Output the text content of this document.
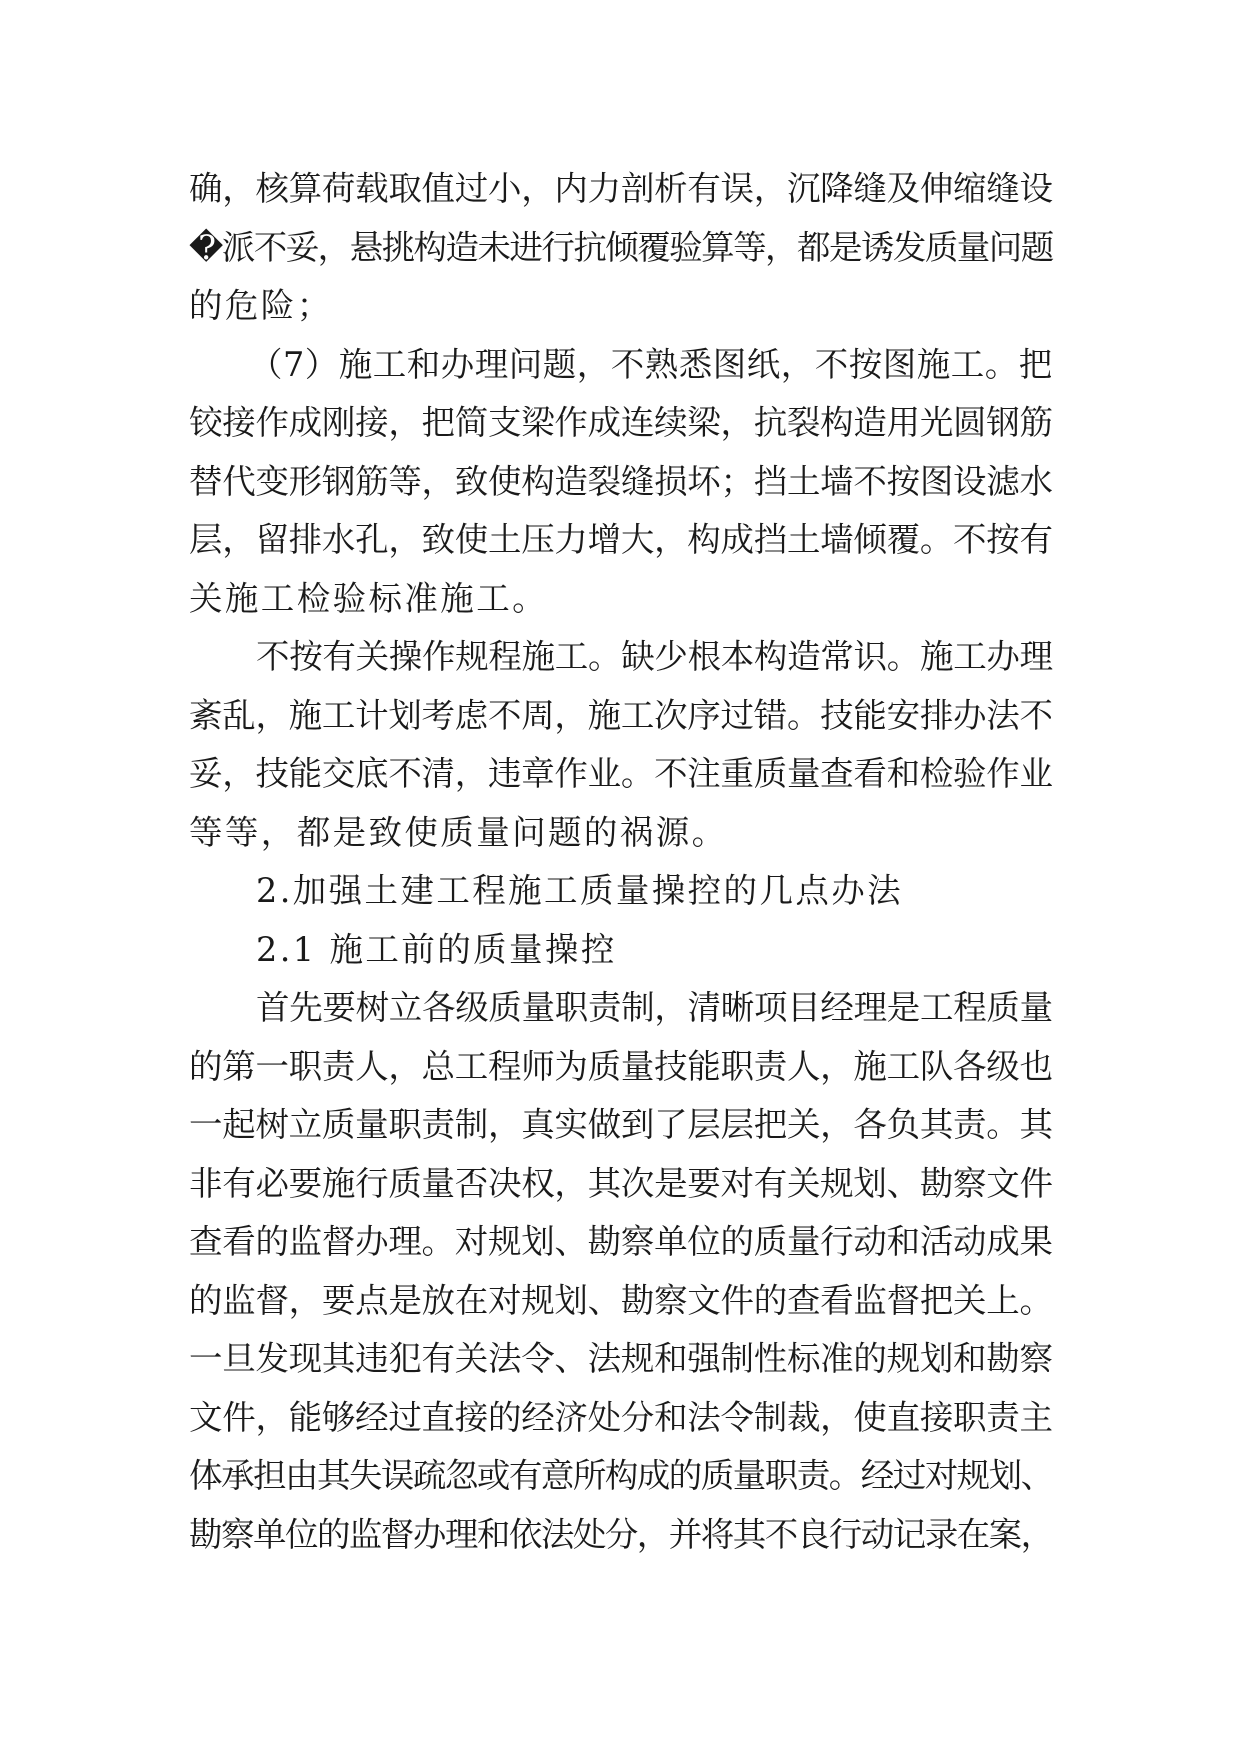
确，核算荷载取值过小，内力剖析有误，沉降缝及伸缩缝设
�派不妥，悬挑构造未进行抗倾覆验算等，都是诱发质量问题
的危险；
（7）施工和办理问题，不熟悉图纸，不按图施工。把
铰接作成刚接，把简支梁作成连续梁，抗裂构造用光圆钢筋
替代变形钢筋等，致使构造裂缝损坏；挡土墙不按图设滤水
层，留排水孔，致使土压力增大，构成挡土墙倾覆。不按有
关施工检验标准施工。
不按有关操作规程施工。缺少根本构造常识。施工办理
紊乱，施工计划考虑不周，施工次序过错。技能安排办法不
妥，技能交底不清，违章作业。不注重质量查看和检验作业
等等，都是致使质量问题的祸源。
2.加强土建工程施工质量操控的几点办法
2.1 施工前的质量操控
首先要树立各级质量职责制，清晰项目经理是工程质量
的第一职责人，总工程师为质量技能职责人，施工队各级也
一起树立质量职责制，真实做到了层层把关，各负其责。其
非有必要施行质量否决权，其次是要对有关规划、勘察文件
查看的监督办理。对规划、勘察单位的质量行动和活动成果
的监督，要点是放在对规划、勘察文件的查看监督把关上。
一旦发现其违犯有关法令、法规和强制性标准的规划和勘察
文件，能够经过直接的经济处分和法令制裁，使直接职责主
体承担由其失误疏忽或有意所构成的质量职责。经过对规划、
勘察单位的监督办理和依法处分，并将其不良行动记录在案，
